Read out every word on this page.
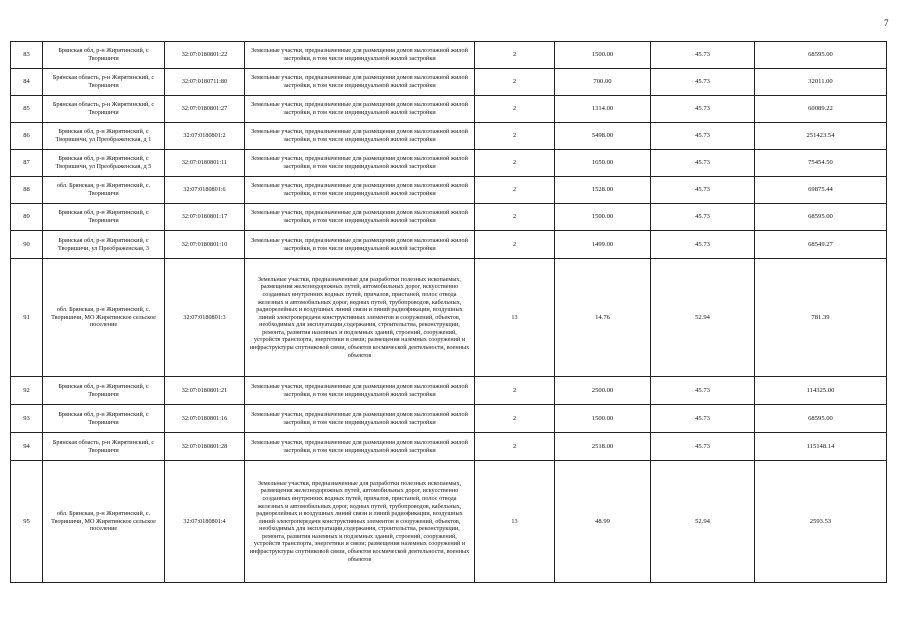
7
83	Брянская обл, р-н Жирятинский, с Творишичи	32:07:0180801:22	Земельные участки, предназначенные для размещения домов малоэтажной жилой застройки, в том числе индивидуальной жилой застройки	2	1500.00	45.73	68595.00
84	Брянская область, р-н Жирятинский, с Творишичи	32:07:0180711:80	Земельные участки, предназначенные для размещения домов малоэтажной жилой застройки, в том числе индивидуальной жилой застройки	2	700.00	45.73	32011.00
85	Брянская область, р-н Жирятинский, с Творишичи	32:07:0180801:27	Земельные участки, предназначенные для размещения домов малоэтажной жилой застройки, в том числе индивидуальной жилой застройки	2	1314.00	45.73	60089.22
86	Брянская обл, р-н Жирятинский, с Творишичи, ул Преображенская, д 1	32:07:0180801:2	Земельные участки, предназначенные для размещения домов малоэтажной жилой застройки, в том числе индивидуальной жилой застройки	2	5498.00	45.73	251423.54
87	Брянская обл, р-н Жирятинский, с Творишичи, ул Преображенская, д 5	32:07:0180801:11	Земельные участки, предназначенные для размещения домов малоэтажной жилой застройки, в том числе индивидуальной жилой застройки	2	1650.00	45.73	75454.50
88	обл. Брянская, р-н Жирятинский, с. Творишичи	32:07:0180801:6	Земельные участки, предназначенные для размещения домов малоэтажной жилой застройки, в том числе индивидуальной жилой застройки	2	1528.00	45.73	69875.44
89	Брянская обл, р-н Жирятинский, с Творишичи	32:07:0180801:17	Земельные участки, предназначенные для размещения домов малоэтажной жилой застройки, в том числе индивидуальной жилой застройки	2	1500.00	45.73	68595.00
90	Брянская обл, р-н Жирятинский, с Творишичи, ул Преображенская, 3	32:07:0180801:10	Земельные участки, предназначенные для размещения домов малоэтажной жилой застройки, в том числе индивидуальной жилой застройки	2	1499.00	45.73	68549.27
91	обл. Брянская, р-н Жирятинский, с. Творишичи, МО Жирятинское сельское поселение	32:07:0180801:3	Земельные участки, предназначенные для разработки полезных ископаемых, размещения железнодорожных путей, автомобильных дорог, искусственно созданных внутренних водных путей, причалов, пристаней, полос отвода железных и автомобильных дорог, водных путей, трубопроводов, кабельных, радиорелейных и воздушных линий связи и линий радиофикации, воздушных линий электропередачи конструктивных элементов и сооружений, объектов, необходимых для эксплуатации,содержания, строительства, реконструкции, ремонта, развития наземных и подземных зданий, строений, сооружений, устройств транспорта, энергетики и связи; размещения наземных сооружений и инфраструктуры спутниковой связи, объектов космической деятельности, военных объектов	13	14.76	52.94	781.39
92	Брянская обл, р-н Жирятинский, с Творишичи	32:07:0180801:21	Земельные участки, предназначенные для размещения домов малоэтажной жилой застройки, в том числе индивидуальной жилой застройки	2	2500.00	45.73	114325.00
93	Брянская обл, р-н Жирятинский, с Творишичи	32:07:0180801:16	Земельные участки, предназначенные для размещения домов малоэтажной жилой застройки, в том числе индивидуальной жилой застройки	2	1500.00	45.73	68595.00
94	Брянская область, р-н Жирятинский, с Творишичи	32:07:0180801:28	Земельные участки, предназначенные для размещения домов малоэтажной жилой застройки, в том числе индивидуальной жилой застройки	2	2518.00	45.73	115148.14
95	обл. Брянская, р-н Жирятинский, с. Творишичи, МО Жирятинское сельское поселение	32:07:0180801:4	Земельные участки, предназначенные для разработки полезных ископаемых, размещения железнодорожных путей, автомобильных дорог, искусственно созданных внутренних водных путей, причалов, пристаней, полос отвода железных и автомобильных дорог, водных путей, трубопроводов, кабельных, радиорелейных и воздушных линий связи и линий радиофикации, воздушных линий электропередачи конструктивных элементов и сооружений, объектов, необходимых для эксплуатации,содержания, строительства, реконструкции, ремонта, развития наземных и подземных зданий, строений, сооружений, устройств транспорта, энергетики и связи; размещения наземных сооружений и инфраструктуры спутниковой связи, объектов космической деятельности, военных объектов	13	48.99	52.94	2593.53
